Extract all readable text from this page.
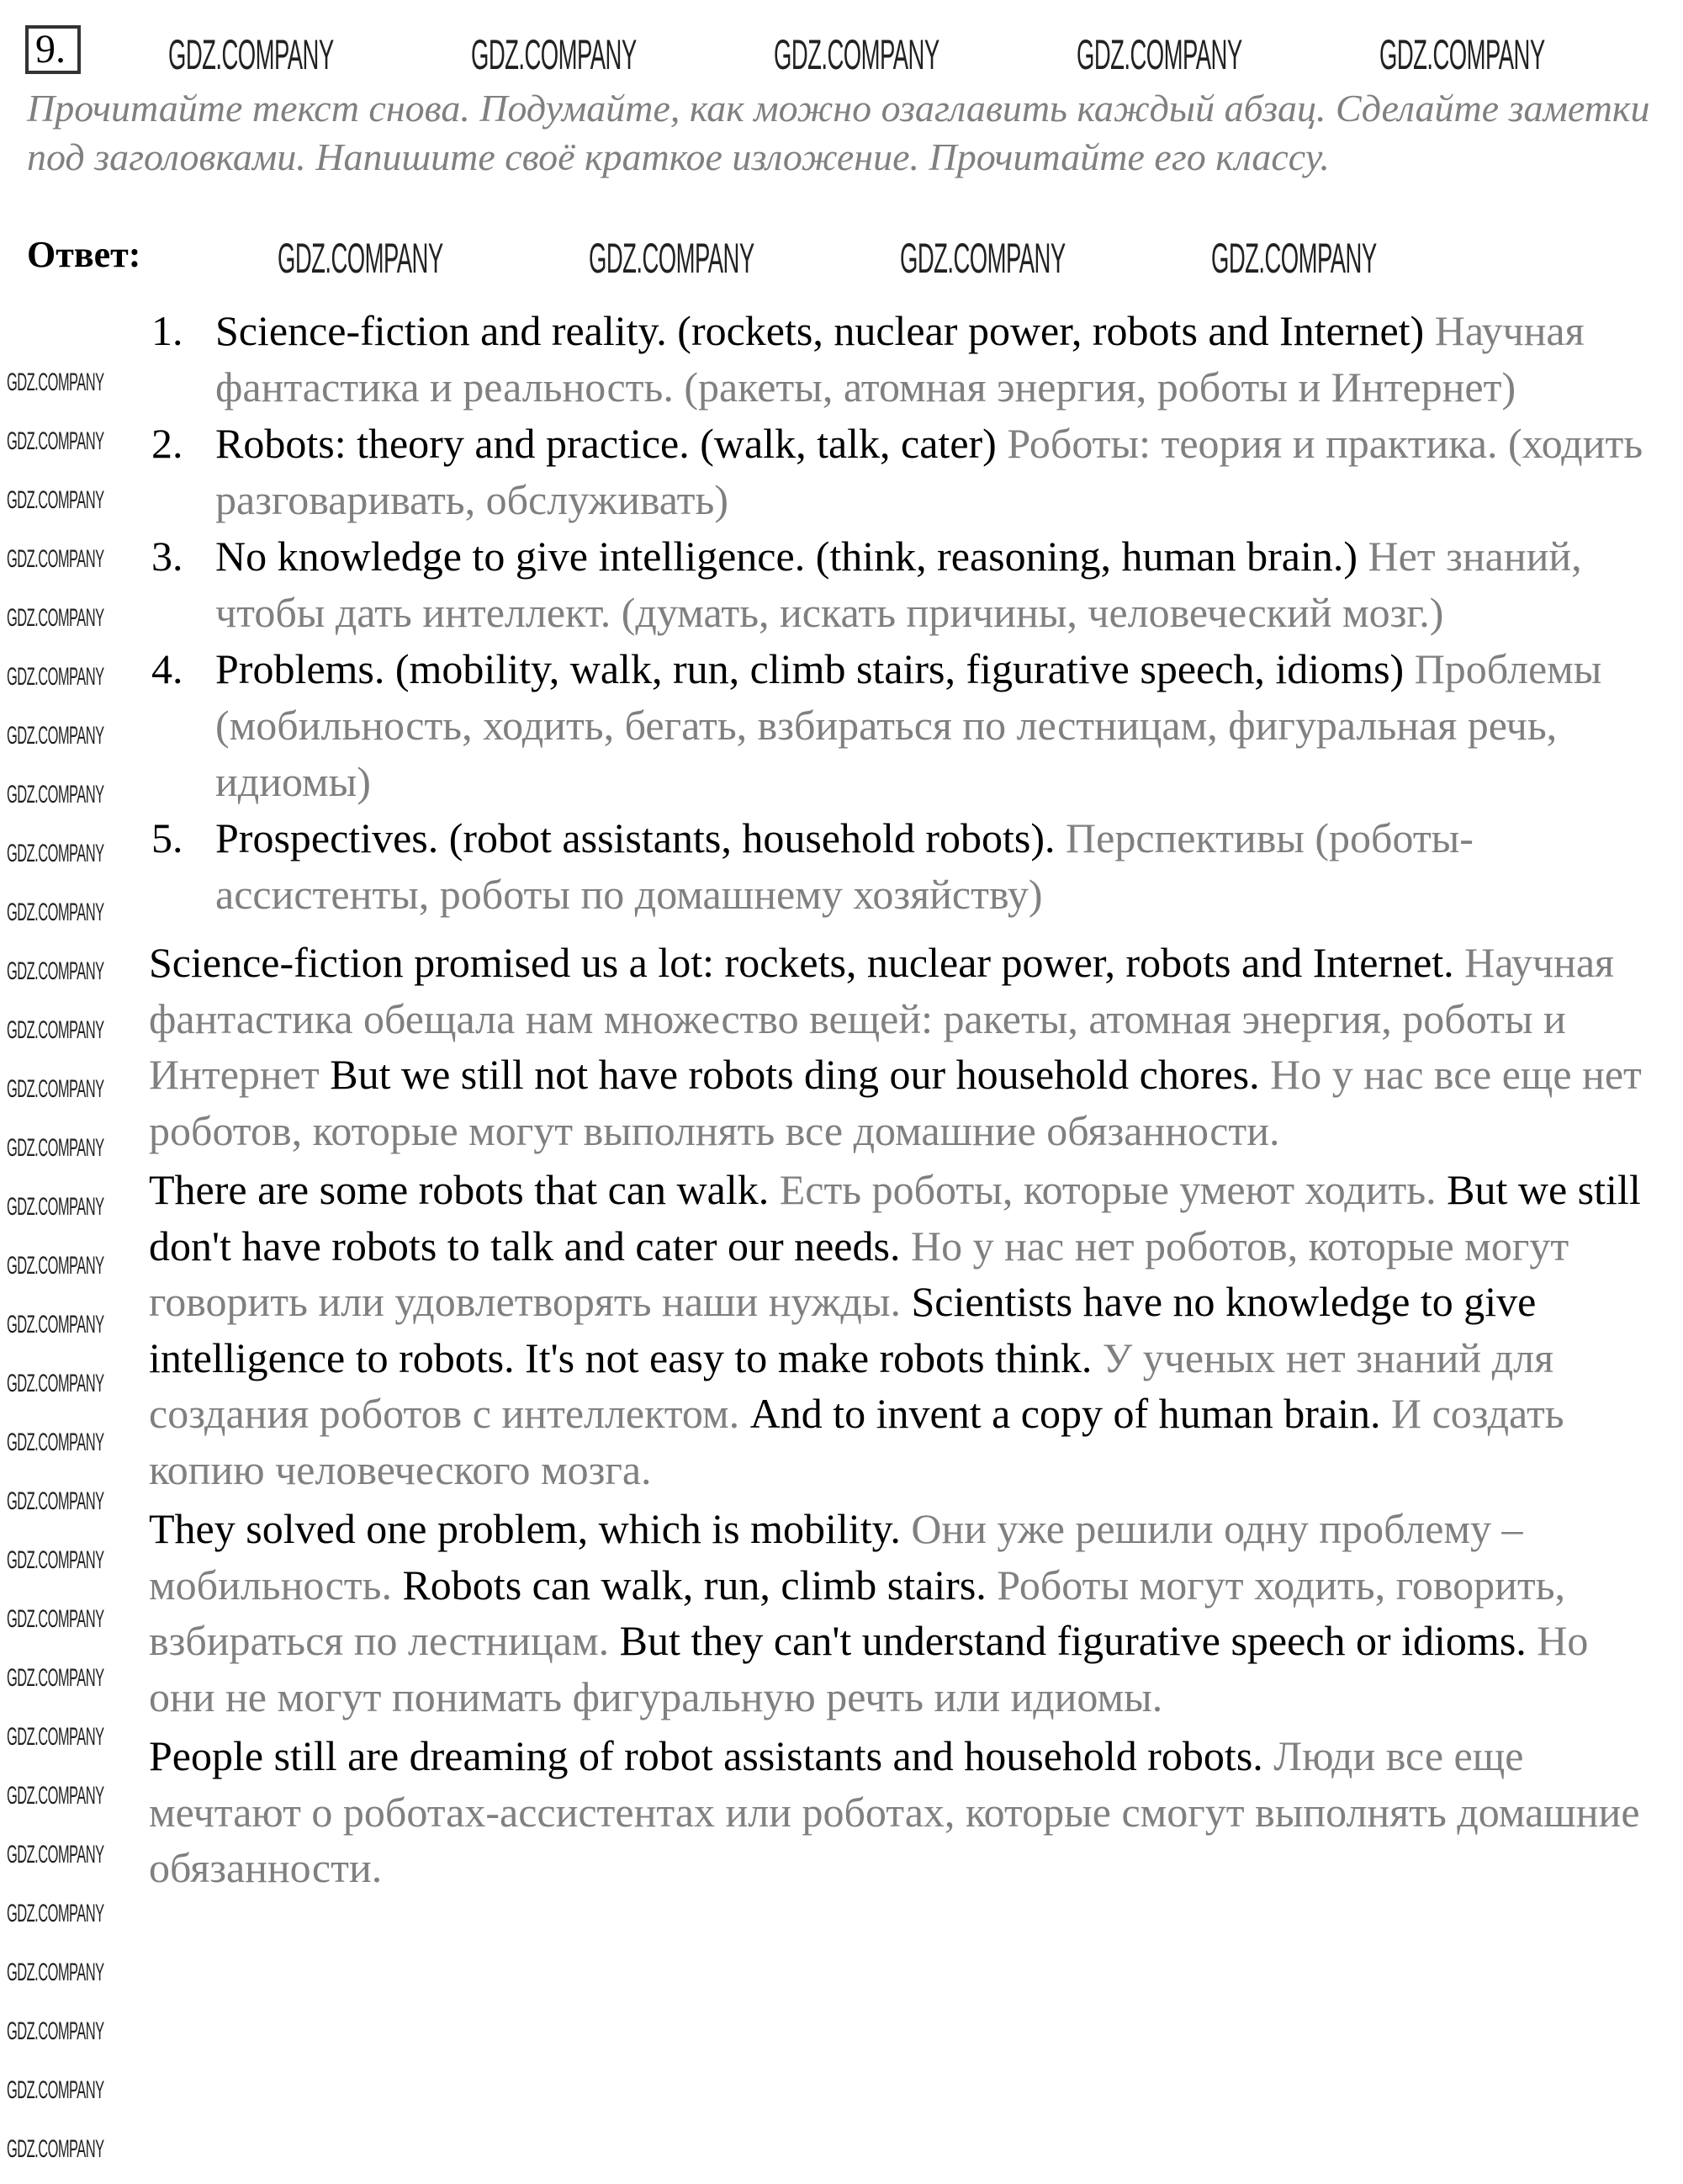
9.
Прочитайте текст снова. Подумайте, как можно озаглавить каждый абзац. Сделайте заметки под заголовками. Напишите своё краткое изложение. Прочитайте его классу.
Ответ:
1. Science-fiction and reality. (rockets, nuclear power, robots and Internet) Научная фантастика и реальность. (ракеты, атомная энергия, роботы и Интернет)
2. Robots: theory and practice. (walk, talk, cater) Роботы: теория и практика. (ходить разговаривать, обслуживать)
3. No knowledge to give intelligence. (think, reasoning, human brain.) Нет знаний, чтобы дать интеллект. (думать, искать причины, человеческий мозг.)
4. Problems. (mobility, walk, run, climb stairs, figurative speech, idioms) Проблемы (мобильность, ходить, бегать, взбираться по лестницам, фигуральная речь, идиомы)
5. Prospectives. (robot assistants, household robots). Перспективы (роботы-ассистенты, роботы по домашнему хозяйству)

Science-fiction promised us a lot: rockets, nuclear power, robots and Internet. Научная фантастика обещала нам множество вещей: ракеты, атомная энергия, роботы и Интернет But we still not have robots ding our household chores. Но у нас все еще нет роботов, которые могут выполнять все домашние обязанности.

There are some robots that can walk. Есть роботы, которые умеют ходить. But we still don't have robots to talk and cater our needs. Но у нас нет роботов, которые могут говорить или удовлетворять наши нужды. Scientists have no knowledge to give intelligence to robots. It's not easy to make robots think. У ученых нет знаний для создания роботов с интеллектом. And to invent a copy of human brain. И создать копию человеческого мозга.

They solved one problem, which is mobility. Они уже решили одну проблему – мобильность. Robots can walk, run, climb stairs. Роботы могут ходить, говорить, взбираться по лестницам. But they can't understand figurative speech or idioms. Но они не могут понимать фигуральную речть или идиомы.

People still are dreaming of robot assistants and household robots. Люди все еще мечтают о роботах-ассистентах или роботах, которые смогут выполнять домашние обязанности.

GDZ.COMPANY	GDZ.COMPANY	GDZ.COMPANY	GDZ.COMPANY	GDZ.COMPANY
GDZ.COMPANY	GDZ.COMPANY	GDZ.COMPANY	GDZ.COMPANY
GDZ.COMPANY
GDZ.COMPANY
GDZ.COMPANY
GDZ.COMPANY
GDZ.COMPANY
GDZ.COMPANY
GDZ.COMPANY
GDZ.COMPANY
GDZ.COMPANY
GDZ.COMPANY
GDZ.COMPANY
GDZ.COMPANY
GDZ.COMPANY
GDZ.COMPANY
GDZ.COMPANY
GDZ.COMPANY
GDZ.COMPANY
GDZ.COMPANY
GDZ.COMPANY
GDZ.COMPANY
GDZ.COMPANY
GDZ.COMPANY
GDZ.COMPANY
GDZ.COMPANY
GDZ.COMPANY
GDZ.COMPANY
GDZ.COMPANY
GDZ.COMPANY
GDZ.COMPANY
GDZ.COMPANY
GDZ.COMPANY
